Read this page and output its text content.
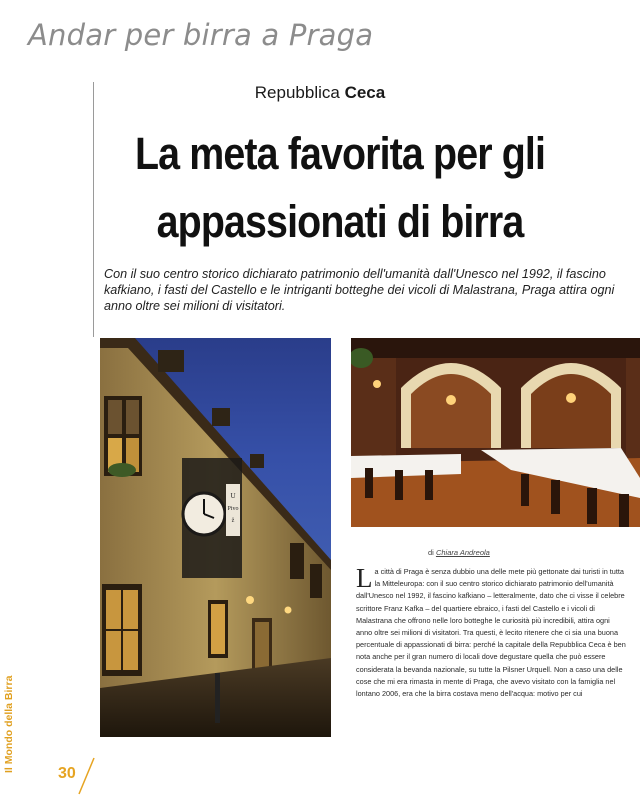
Andar per birra a Praga
Repubblica Ceca
La meta favorita per gli
appassionati di birra
Con il suo centro storico dichiarato patrimonio dell'umanità dall'Unesco nel 1992, il fascino kafkiano, i fasti del Castello e le intriganti botteghe dei vicoli di Malastrana, Praga attira ogni anno oltre sei milioni di visitatori.
U
Pivo
ž
di Chiara Andreola

La città di Praga è senza dubbio una delle mete più gettonate dai turisti in tutta la Mitteleuropa: con il suo centro storico dichiarato patrimonio dell'umanità dall'Unesco nel 1992, il fascino kafkiano – letteralmente, dato che ci visse il celebre scrittore Franz Kafka – del quartiere ebraico, i fasti del Castello e i vicoli di Malastrana che offrono nelle loro botteghe le curiosità più incredibili, attira ogni anno oltre sei milioni di visitatori. Tra questi, è lecito ritenere che ci sia una buona percentuale di appassionati di birra: perché la capitale della Repubblica Ceca è ben nota anche per il gran numero di locali dove degustare quella che può essere considerata la bevanda nazionale, su tutte la Pilsner Urquell. Non a caso una delle cose che mi era rimasta in mente di Praga, che avevo visitato con la famiglia nel lontano 2006, era che la birra costava meno dell'acqua: motivo per cui

Il Mondo della Birra
30
